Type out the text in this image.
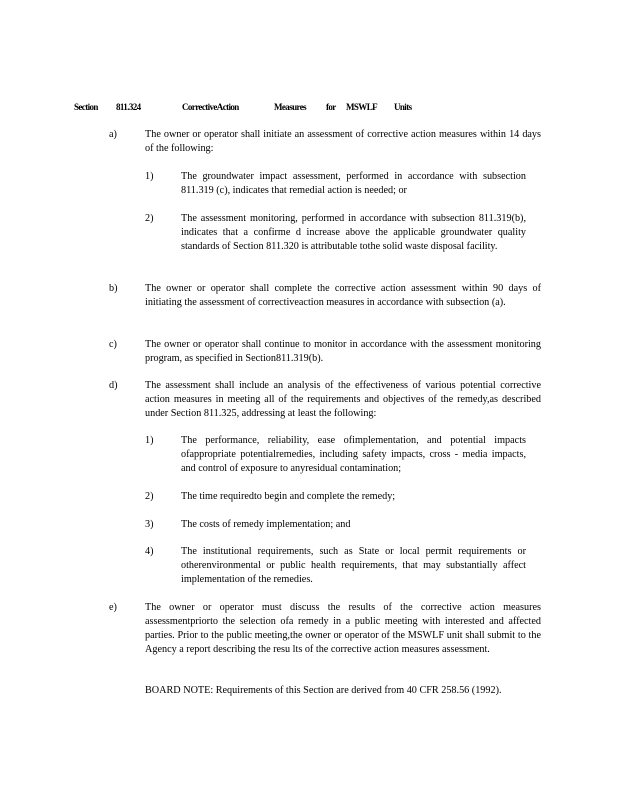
Section 811.324	CorrectiveAction	Measures for MSWLF Units
a)	The owner or operator shall initiate an assessment of corrective action measures within 14 days of the following:
1)	The groundwater impact assessment, performed in accordance with subsection 811.319 (c), indicates that remedial action is needed; or
2)	The assessment monitoring, performed in accordance with subsection 811.319(b), indicates that a confirme d increase above the applicable groundwater quality standards of Section 811.320 is attributable tothe solid waste disposal facility.
b)	The owner or operator shall complete the corrective action assessment within 90 days of initiating the assessment of correctiveaction measures in accordance with subsection (a).
c)	The owner or operator shall continue to monitor in accordance with the assessment monitoring program, as specified in Section811.319(b).
d)	The assessment shall include an analysis of the effectiveness of various potential corrective action measures in meeting all of the requirements and objectives of the remedy,as described under Section 811.325, addressing at least the following:
1)	The performance, reliability, ease ofimplementation, and potential impacts ofappropriate potentialremedies, including safety impacts, cross - media impacts, and control of exposure to anyresidual contamination;
2)	The time requiredto begin and complete the remedy;
3)	The costs of remedy implementation; and
4)	The institutional requirements, such as State or local permit requirements or otherenvironmental or public health requirements, that may substantially affect implementation of the remedies.
e)	The owner or operator must discuss the results of the corrective action measures assessmentpriorto the selection ofa remedy in a public meeting with interested and affected parties. Prior to the public meeting,the owner or operator of the MSWLF unit shall submit to the Agency a report describing the resu lts of the corrective action measures assessment.
BOARD NOTE: Requirements of this Section are derived from 40 CFR 258.56 (1992).
